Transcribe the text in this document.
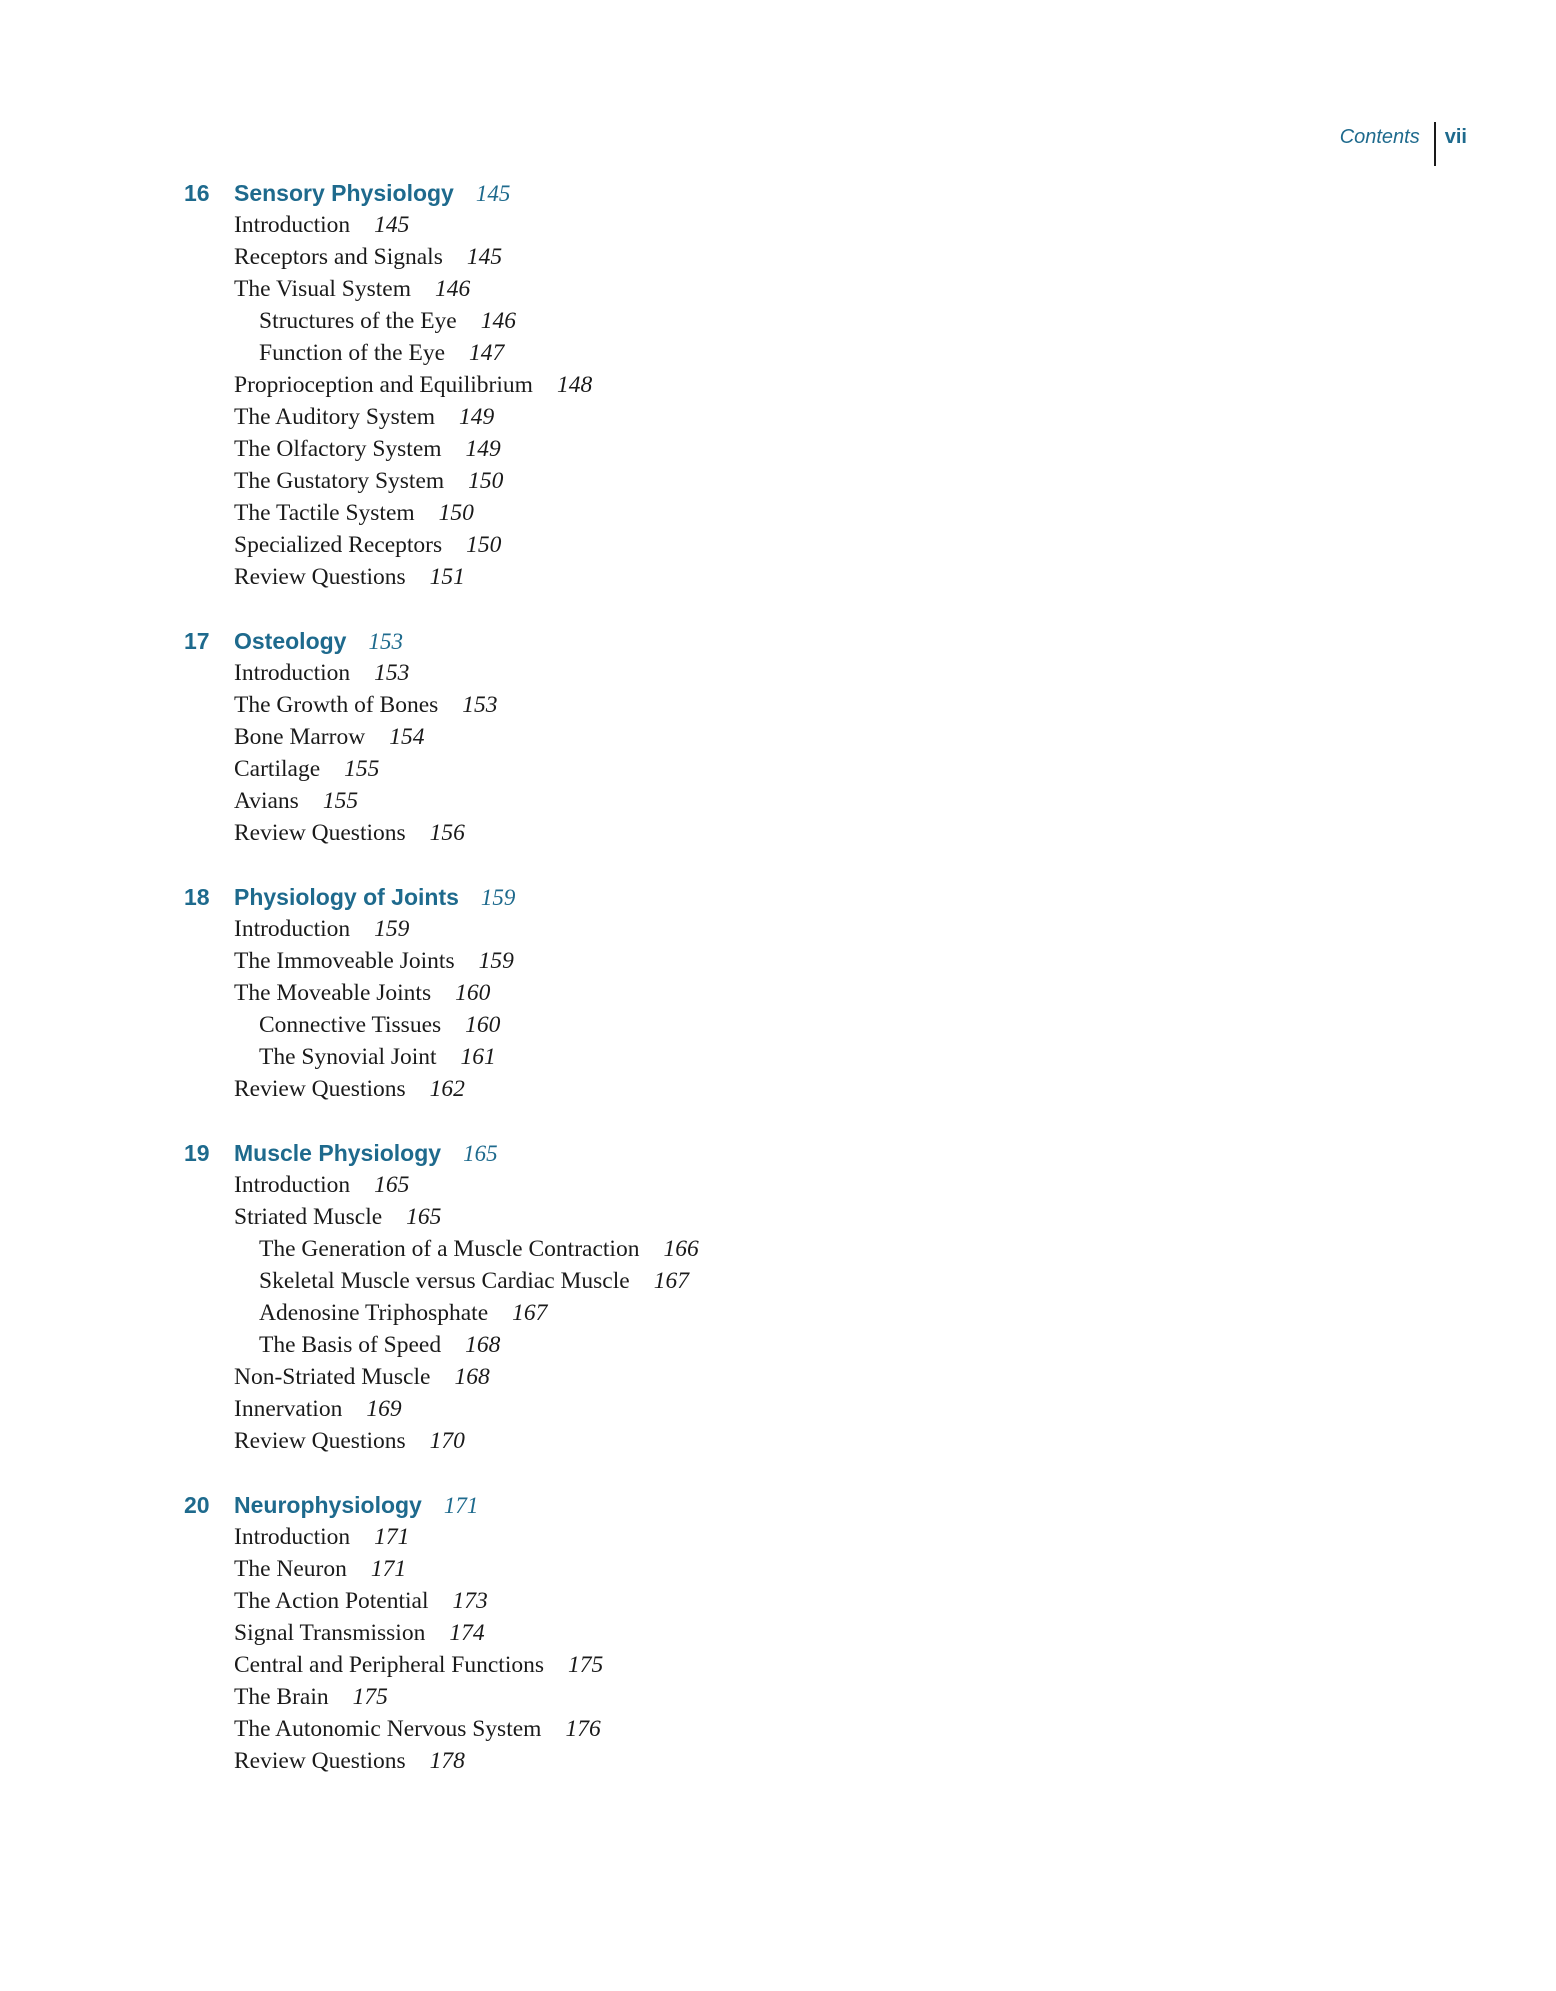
Contents	vii
16	Sensory Physiology 145
Introduction 145
Receptors and Signals 145
The Visual System 146
Structures of the Eye 146
Function of the Eye 147
Proprioception and Equilibrium 148
The Auditory System 149
The Olfactory System 149
The Gustatory System 150
The Tactile System 150
Specialized Receptors 150
Review Questions 151
17	Osteology 153
Introduction 153
The Growth of Bones 153
Bone Marrow 154
Cartilage 155
Avians 155
Review Questions 156
18	Physiology of Joints 159
Introduction 159
The Immoveable Joints 159
The Moveable Joints 160
Connective Tissues 160
The Synovial Joint 161
Review Questions 162
19	Muscle Physiology 165
Introduction 165
Striated Muscle 165
The Generation of a Muscle Contraction 166
Skeletal Muscle versus Cardiac Muscle 167
Adenosine Triphosphate 167
The Basis of Speed 168
Non-Striated Muscle 168
Innervation 169
Review Questions 170
20	Neurophysiology 171
Introduction 171
The Neuron 171
The Action Potential 173
Signal Transmission 174
Central and Peripheral Functions 175
The Brain 175
The Autonomic Nervous System 176
Review Questions 178
